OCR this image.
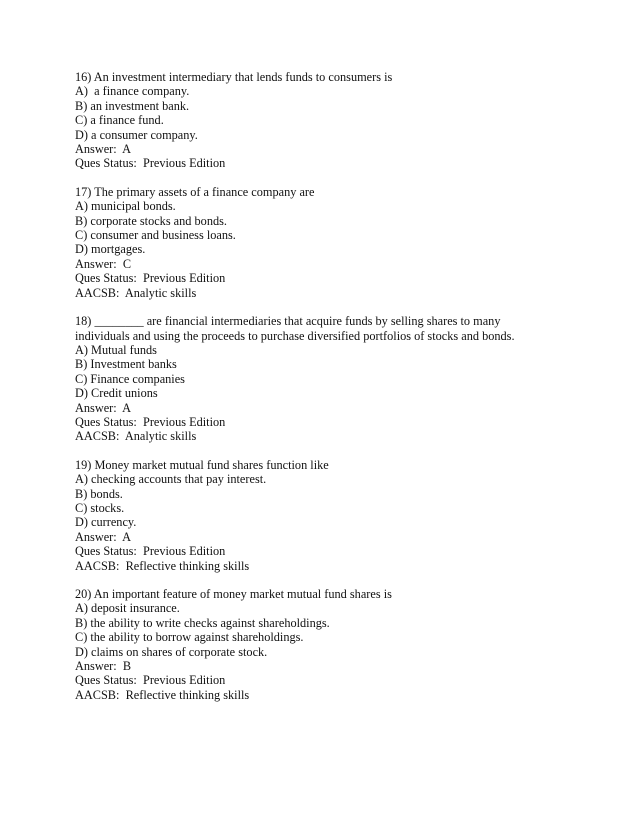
16) An investment intermediary that lends funds to consumers is
A)  a finance company.
B) an investment bank.
C) a finance fund.
D) a consumer company.
Answer:  A
Ques Status:  Previous Edition
17) The primary assets of a finance company are
A) municipal bonds.
B) corporate stocks and bonds.
C) consumer and business loans.
D) mortgages.
Answer:  C
Ques Status:  Previous Edition
AACSB:  Analytic skills
18) ________ are financial intermediaries that acquire funds by selling shares to many
individuals and using the proceeds to purchase diversified portfolios of stocks and bonds.
A) Mutual funds
B) Investment banks
C) Finance companies
D) Credit unions
Answer:  A
Ques Status:  Previous Edition
AACSB:  Analytic skills
19) Money market mutual fund shares function like
A) checking accounts that pay interest.
B) bonds.
C) stocks.
D) currency.
Answer:  A
Ques Status:  Previous Edition
AACSB:  Reflective thinking skills
20) An important feature of money market mutual fund shares is
A) deposit insurance.
B) the ability to write checks against shareholdings.
C) the ability to borrow against shareholdings.
D) claims on shares of corporate stock.
Answer:  B
Ques Status:  Previous Edition
AACSB:  Reflective thinking skills
